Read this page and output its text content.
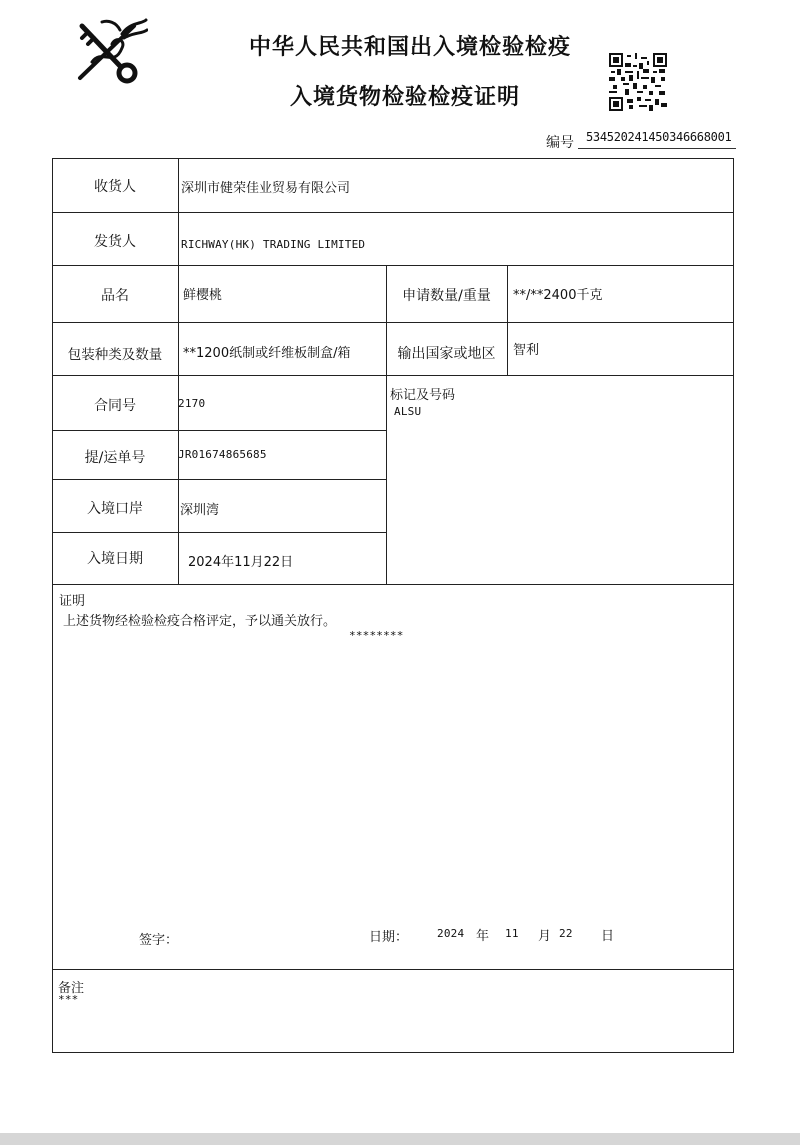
中华人民共和国出入境检验检疫
入境货物检验检疫证明
编号	534520241450346668001
收货人	深圳市健荣佳业贸易有限公司
发货人	RICHWAY(HK) TRADING LIMITED
品名	鲜樱桃	申请数量/重量	**/**2400千克
包装种类及数量	**1200纸制或纤维板制盒/箱	输出国家或地区	智利
合同号	2170
标记及号码
ALSU
提/运单号	JR01674865685
入境口岸	深圳湾
入境日期	2024年11月22日
证明
上述货物经检验检疫合格评定，予以通关放行。
********
签字：	日期：	2024 年 11 月 22 日
备注
***
